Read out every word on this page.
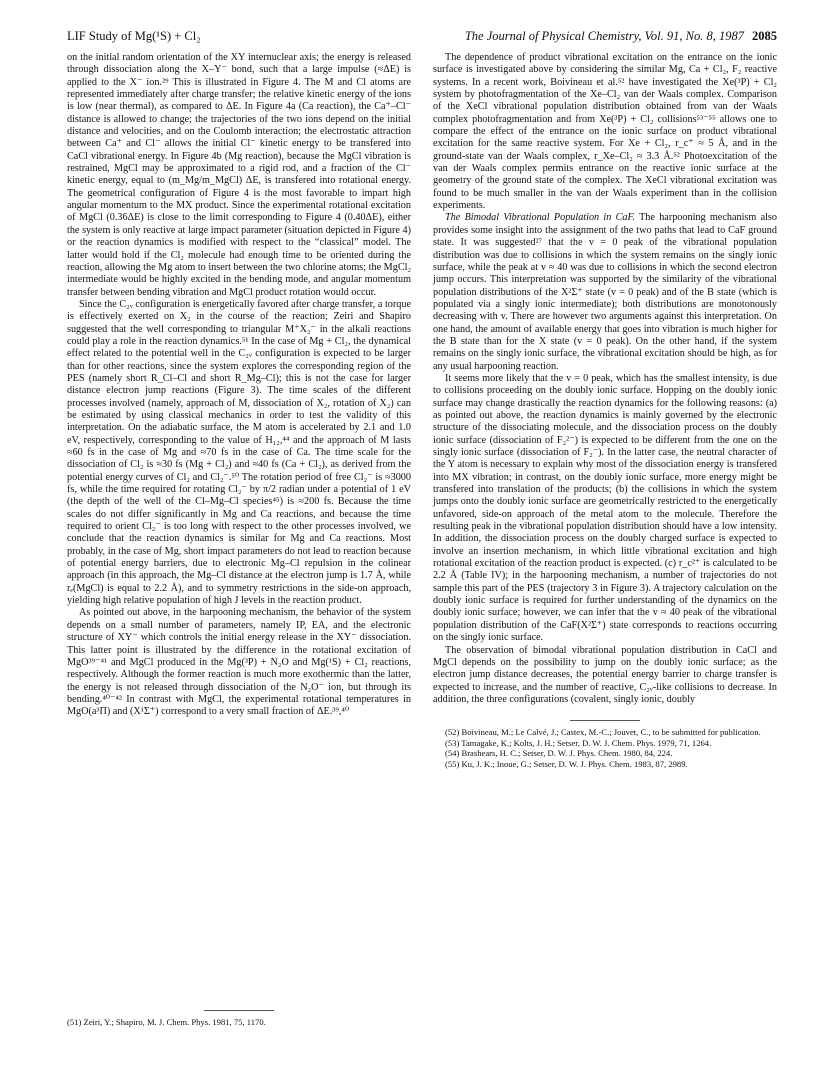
LIF Study of Mg(¹S) + Cl₂	The Journal of Physical Chemistry, Vol. 91, No. 8, 1987 2085

on the initial random orientation of the XY internuclear axis; the energy is released through dissociation along the X–Y⁻ bond, such that a large impulse (≈ΔE) is applied to the X⁻ ion.²⁹ This is illustrated in Figure 4. The M and Cl atoms are represented immediately after charge transfer; the relative kinetic energy of the ions is low (near thermal), as compared to ΔE. In Figure 4a (Ca reaction), the Ca⁺–Cl⁻ distance is allowed to change; the trajectories of the two ions depend on the initial distance and velocities, and on the Coulomb interaction; the electrostatic attraction between Ca⁺ and Cl⁻ allows the initial Cl⁻ kinetic energy to be transfered into CaCl vibrational energy. In Figure 4b (Mg reaction), because the MgCl vibration is restrained, MgCl may be approximated to a rigid rod, and a fraction of the Cl⁻ kinetic energy, equal to (m_Mg/m_MgCl) ΔE, is transfered into rotational energy. The geometrical configuration of Figure 4 is the most favorable to impart high angular momentum to the MX product. Since the experimental rotational excitation of MgCl (0.36ΔE) is close to the limit corresponding to Figure 4 (0.40ΔE), either the system is only reactive at large impact parameter (situation depicted in Figure 4) or the reaction dynamics is modified with respect to the “classical” model. The latter would hold if the Cl₂ molecule had enough time to be oriented during the reaction, allowing the Mg atom to insert between the two chlorine atoms; the MgCl₂ intermediate would be highly excited in the bending mode, and angular momentum transfer between bending vibration and MgCl product rotation would occur.

Since the C₂ᵥ configuration is energetically favored after charge transfer, a torque is effectively exerted on X₂ in the course of the reaction; Zeiri and Shapiro suggested that the well corresponding to triangular M⁺X₂⁻ in the alkali reactions could play a role in the reaction dynamics.⁵¹ In the case of Mg + Cl₂, the dynamical effect related to the potential well in the C₂ᵥ configuration is expected to be larger than for other reactions, since the system explores the corresponding region of the PES (namely short R_Cl–Cl and short R_Mg–Cl); this is not the case for larger distance electron jump reactions (Figure 3). The time scales of the different processes involved (namely, approach of M, dissociation of X₂, rotation of X₂) can be estimated by using classical mechanics in order to test the validity of this interpretation. On the adiabatic surface, the M atom is accelerated by 2.1 and 1.0 eV, respectively, corresponding to the value of H₁₂,⁴⁴ and the approach of M lasts ≈60 fs in the case of Mg and ≈70 fs in the case of Ca. The time scale for the dissociation of Cl₂ is ≈30 fs (Mg + Cl₂) and ≈40 fs (Ca + Cl₂), as derived from the potential energy curves of Cl₂ and Cl₂⁻.⁵⁰ The rotation period of free Cl₂⁻ is ≈3000 fs, while the time required for rotating Cl₂⁻ by π/2 radian under a potential of 1 eV (the depth of the well of the Cl–Mg–Cl species⁴⁵) is ≈200 fs. Because the time scales do not differ significantly in Mg and Ca reactions, and because the time required to orient Cl₂⁻ is too long with respect to the other processes involved, we conclude that the reaction dynamics is similar for Mg and Ca reactions. Most probably, in the case of Mg, short impact parameters do not lead to reaction because of potential energy barriers, due to electronic Mg–Cl repulsion in the colinear approach (in this approach, the Mg–Cl distance at the electron jump is 1.7 Å, while rₑ(MgCl) is equal to 2.2 Å), and to symmetry restrictions in the side-on approach, yielding high relative population of high J levels in the reaction product.

As pointed out above, in the harpooning mechanism, the behavior of the system depends on a small number of parameters, namely IP, EA, and the electronic structure of XY⁻ which controls the initial energy release in the XY⁻ dissociation. This latter point is illustrated by the difference in the rotational excitation of MgO³⁹⁻⁴¹ and MgCl produced in the Mg(³P) + N₂O and Mg(¹S) + Cl₂ reactions, respectively. Although the former reaction is much more exothermic than the latter, the energy is not released through dissociation of the N₂O⁻ ion, but through its bending.⁴⁰⁻⁴² In contrast with MgCl, the experimental rotational temperatures in MgO(a³Π) and (X¹Σ⁺) correspond to a very small fraction of ΔE.³⁹,⁴⁰

(51) Zeiri, Y.; Shapiro, M. J. Chem. Phys. 1981, 75, 1170.

The dependence of product vibrational excitation on the entrance on the ionic surface is investigated above by considering the similar Mg, Ca + Cl₂, F₂ reactive systems. In a recent work, Boivineau et al.⁵² have investigated the Xe(³P) + Cl₂ system by photofragmentation of the Xe–Cl₂ van der Waals complex. Comparison of the XeCl vibrational population distribution obtained from van der Waals complex photofragmentation and from Xe(³P) + Cl₂ collisions⁵³⁻⁵⁵ allows one to compare the effect of the entrance on the ionic surface on product vibrational excitation for the same reactive system. For Xe + Cl₂, r_c⁺ ≈ 5 Å, and in the ground-state van der Waals complex, r_Xe–Cl₂ ≈ 3.3 Å.⁵² Photoexcitation of the van der Waals complex permits entrance on the reactive ionic surface at the geometry of the ground state of the complex. The XeCl vibrational excitation was found to be much smaller in the van der Waals experiment than in the collision experiments.

The Bimodal Vibrational Population in CaF. The harpooning mechanism also provides some insight into the assignment of the two paths that lead to CaF ground state. It was suggested²⁷ that the v = 0 peak of the vibrational population distribution was due to collisions in which the system remains on the singly ionic surface, while the peak at v ≈ 40 was due to collisions in which the second electron jump occurs. This interpretation was supported by the similarity of the vibrational population distributions of the X²Σ⁺ state (v = 0 peak) and of the B state (which is populated via a singly ionic intermediate); both distributions are monotonously decreasing with v. There are however two arguments against this interpretation. On one hand, the amount of available energy that goes into vibration is much higher for the B state than for the X state (v = 0 peak). On the other hand, if the system remains on the singly ionic surface, the vibrational excitation should be high, as for any usual harpooning reaction.

It seems more likely that the v = 0 peak, which has the smallest intensity, is due to collisions proceeding on the doubly ionic surface. Hopping on the doubly ionic surface may change drastically the reaction dynamics for the following reasons: (a) as pointed out above, the reaction dynamics is mainly governed by the electronic structure of the dissociating molecule, and the dissociation process on the doubly ionic surface (dissociation of F₂²⁻) is expected to be different from the one on the singly ionic surface (dissociation of F₂⁻). In the latter case, the neutral character of the Y atom is necessary to explain why most of the dissociation energy is transfered into MX vibration; in contrast, on the doubly ionic surface, more energy might be transfered into translation of the products; (b) the collisions in which the system jumps onto the doubly ionic surface are geometrically restricted to the energetically unfavored, side-on approach of the metal atom to the molecule. Therefore the resulting peak in the vibrational population distribution should have a low intensity. In addition, the dissociation process on the doubly charged surface is expected to involve an insertion mechanism, in which little vibrational excitation and high rotational excitation of the reaction product is expected. (c) r_c²⁺ is calculated to be 2.2 Å (Table IV); in the harpooning mechanism, a number of trajectories do not sample this part of the PES (trajectory 3 in Figure 3). A trajectory calculation on the doubly ionic surface is required for further understanding of the dynamics on the doubly ionic surface; however, we can infer that the v ≈ 40 peak of the vibrational population distribution of the CaF(X²Σ⁺) state corresponds to reactions occurring on the singly ionic surface.

The observation of bimodal vibrational population distribution in CaCl and MgCl depends on the possibility to jump on the doubly ionic surface; as the electron jump distance decreases, the potential energy barrier to charge transfer is expected to increase, and the number of reactive, C₂ᵥ-like collisions to decrease. In addition, the three configurations (covalent, singly ionic, doubly

(52) Boivineau, M.; Le Calvé, J.; Castex, M.-C.; Jouvet, C., to be submitted for publication.

(53) Tamagake, K.; Kolts, J. H.; Setser, D. W. J. Chem. Phys. 1979, 71, 1264.

(54) Brashears, H. C.; Setser, D. W. J. Phys. Chem. 1980, 84, 224.

(55) Ku, J. K.; Inoue, G.; Setser, D. W. J. Phys. Chem. 1983, 87, 2989.
